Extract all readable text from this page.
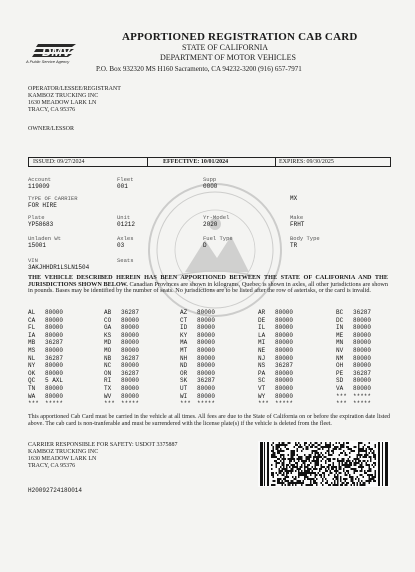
DMV
A Public Service Agency
APPORTIONED REGISTRATION CAB CARD
STATE OF CALIFORNIA
DEPARTMENT OF MOTOR VEHICLES
P.O. Box 932320 MS H160 Sacramento, CA 94232-3200 (916) 657-7971
OPERATOR/LESSEE/REGISTRANT
KAMBOZ TRUCKING INC
1630 MEADOW LARK LN
TRACY, CA 95376
OWNER/LESSOR
ISSUED: 09/27/2024	EFFECTIVE: 10/01/2024	EXPIRES: 09/30/2025
Account
119009
Fleet
001
Supp
0000
TYPE OF CARRIER
FOR HIRE
MX
Plate
YP58683
Unit
01212
Yr-Model
2020
Make
FRHT
Unladen Wt
15001
Axles
03
Fuel Type
D
Body Type
TR
VIN
3AKJHHDR1LSLN1504
Seats
THE VEHICLE DESCRIBED HEREIN HAS BEEN APPORTIONED BETWEEN THE STATE OF CALIFORNIA AND THE JURISDICTIONS SHOWN BELOW. Canadian Provinces are shown in kilograms, Quebec is shown in axles, all other jurisdictions are shown in pounds. Bases may be identified by the number of seats. No jurisdictions are to be listed after the row of asterisks, or the card is invalid.
AL 80000	AB 36287	AZ 80000	AR 80000	BC 36287
CA 80000	CO 80000	CT 80000	DE 80000	DC 80000
FL 80000	GA 80000	ID 80000	IL 80000	IN 80000
IA 80000	KS 80000	KY 80000	LA 80000	ME 80000
MB 36287	MD 80000	MA 80000	MI 80000	MN 80000
MS 80000	MO 80000	MT 80000	NE 80000	NV 80000
NL 36287	NB 36287	NH 80000	NJ 80000	NM 80000
NY 80000	NC 80000	ND 80000	NS 36287	OH 80000
OK 80000	ON 36287	OR 80000	PA 80000	PE 36287
QC 5 AXL	RI 80000	SK 36287	SC 80000	SD 80000
TN 80000	TX 80000	UT 80000	VT 80000	VA 80000
WA 80000	WV 80000	WI 80000	WY 80000	*** *****
*** *****	*** *****	*** *****	*** *****	*** *****
This apportioned Cab Card must be carried in the vehicle at all times. All fees are due to the State of California on or before the expiration date listed above. The cab card is non-tranferable and must be surrendered with the license plate(s) if the vehicle is deleted from the fleet.
CARRIER RESPONSIBLE FOR SAFETY: USDOT 3375887
KAMBOZ TRUCKING INC
1630 MEADOW LARK LN
TRACY, CA 95376
H2009272418O014
